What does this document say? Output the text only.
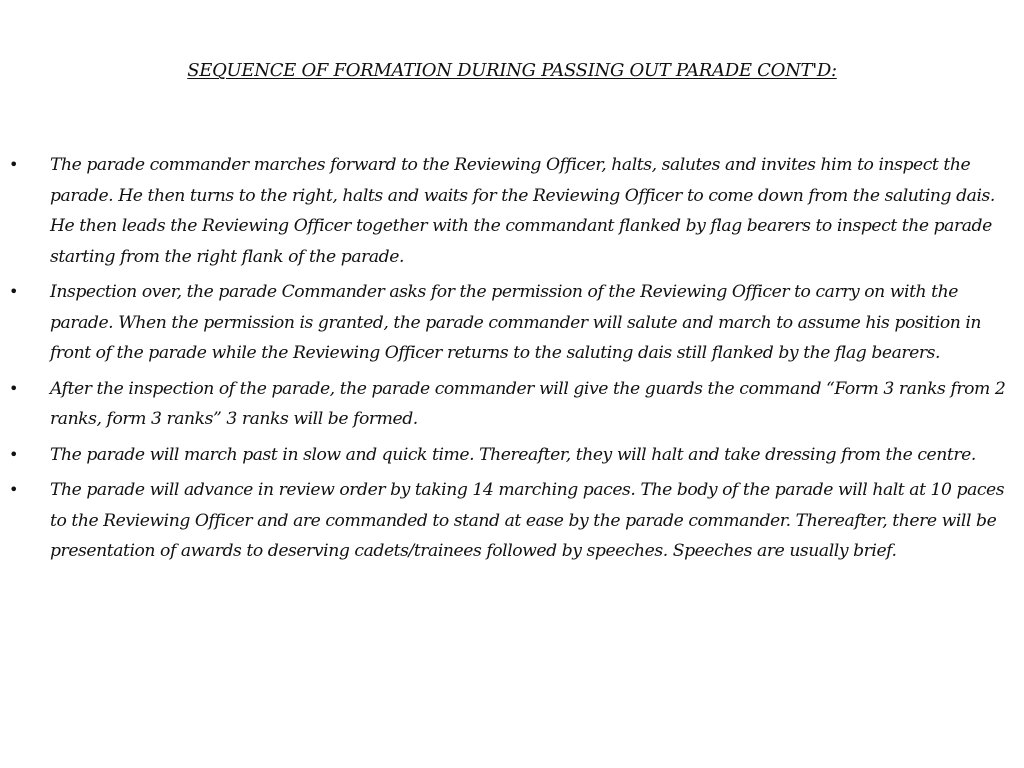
SEQUENCE OF FORMATION DURING PASSING OUT PARADE CONT'D:
• The parade commander marches forward to the Reviewing Officer, halts, salutes and invites him to inspect the parade. He then turns to the right, halts and waits for the Reviewing Officer to come down from the saluting dais. He then leads the Reviewing Officer together with the commandant flanked by flag bearers to inspect the parade starting from the right flank of the parade.
• Inspection over, the parade Commander asks for the permission of the Reviewing Officer to carry on with the parade. When the permission is granted, the parade commander will salute and march to assume his position in front of the parade while the Reviewing Officer returns to the saluting dais still flanked by the flag bearers.
• After the inspection of the parade, the parade commander will give the guards the command “Form 3 ranks from 2 ranks, form 3 ranks” 3 ranks will be formed.
• The parade will march past in slow and quick time. Thereafter, they will halt and take dressing from the centre.
• The parade will advance in review order by taking 14 marching paces. The body of the parade will halt at 10 paces to the Reviewing Officer and are commanded to stand at ease by the parade commander. Thereafter, there will be presentation of awards to deserving cadets/trainees followed by speeches. Speeches are usually brief.
